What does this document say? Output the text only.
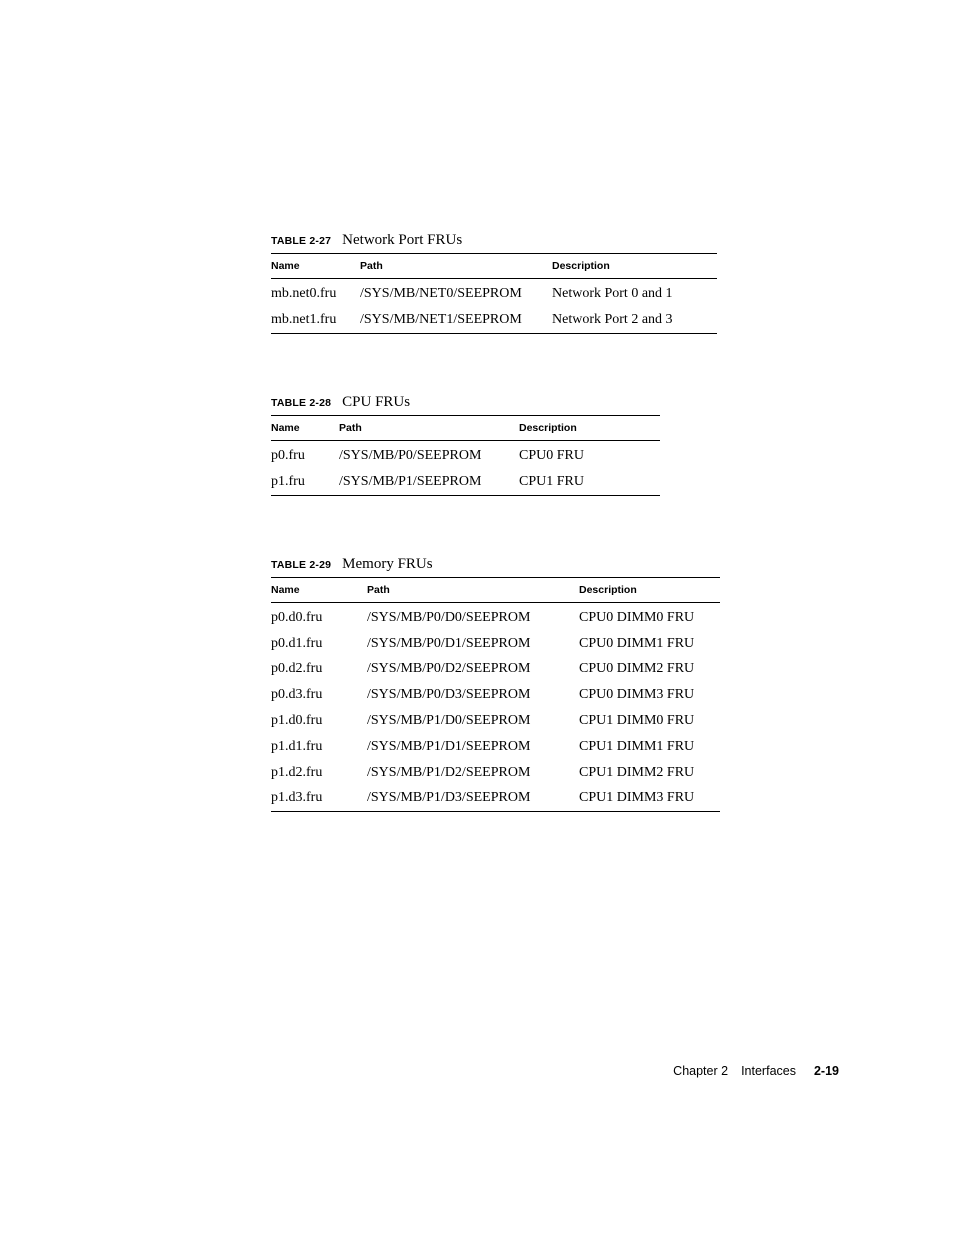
TABLE 2-27 Network Port FRUs
Name	Path	Description
mb.net0.fru	/SYS/MB/NET0/SEEPROM	Network Port 0 and 1
mb.net1.fru	/SYS/MB/NET1/SEEPROM	Network Port 2 and 3
TABLE 2-28 CPU FRUs
Name	Path	Description
p0.fru	/SYS/MB/P0/SEEPROM	CPU0 FRU
p1.fru	/SYS/MB/P1/SEEPROM	CPU1 FRU
TABLE 2-29 Memory FRUs
Name	Path	Description
p0.d0.fru	/SYS/MB/P0/D0/SEEPROM	CPU0 DIMM0 FRU
p0.d1.fru	/SYS/MB/P0/D1/SEEPROM	CPU0 DIMM1 FRU
p0.d2.fru	/SYS/MB/P0/D2/SEEPROM	CPU0 DIMM2 FRU
p0.d3.fru	/SYS/MB/P0/D3/SEEPROM	CPU0 DIMM3 FRU
p1.d0.fru	/SYS/MB/P1/D0/SEEPROM	CPU1 DIMM0 FRU
p1.d1.fru	/SYS/MB/P1/D1/SEEPROM	CPU1 DIMM1 FRU
p1.d2.fru	/SYS/MB/P1/D2/SEEPROM	CPU1 DIMM2 FRU
p1.d3.fru	/SYS/MB/P1/D3/SEEPROM	CPU1 DIMM3 FRU
Chapter 2 Interfaces 2-19
